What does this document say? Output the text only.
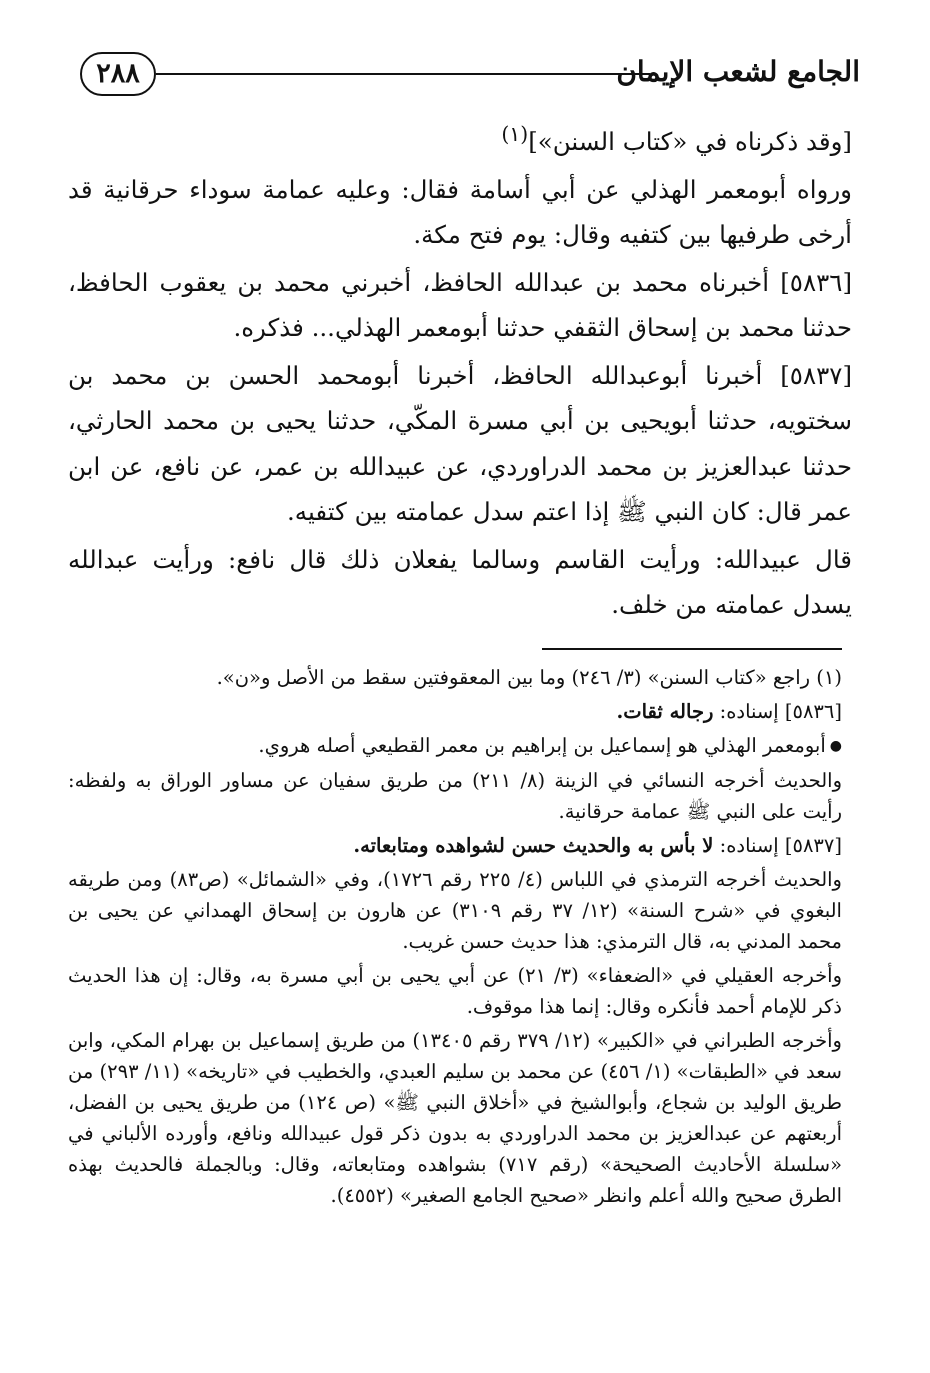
٢٨٨	الجامع لشعب الإيمان

[وقد ذكرناه في «كتاب السنن»]$^{(١)}$

ورواه أبومعمر الهذلي عن أبي أسامة فقال: وعليه عمامة سوداء حرقانية قد أرخى طرفيها بين كتفيه وقال: يوم فتح مكة.

[٥٨٣٦] أخبرناه محمد بن عبدالله الحافظ، أخبرني محمد بن يعقوب الحافظ، حدثنا محمد بن إسحاق الثقفي حدثنا أبومعمر الهذلي... فذكره.

[٥٨٣٧] أخبرنا أبوعبدالله الحافظ، أخبرنا أبومحمد الحسن بن محمد بن سختويه، حدثنا أبويحيى بن أبي مسرة المكّي، حدثنا يحيى بن محمد الحارثي، حدثنا عبدالعزيز بن محمد الدراوردي، عن عبيدالله بن عمر، عن نافع، عن ابن عمر قال: كان النبي ﷺ إذا اعتم سدل عمامته بين كتفيه.

قال عبيدالله: ورأيت القاسم وسالما يفعلان ذلك قال نافع: ورأيت عبدالله يسدل عمامته من خلف.

(١) راجع «كتاب السنن» (٣/ ٢٤٦) وما بين المعقوفتين سقط من الأصل و«ن».

[٥٨٣٦] إسناده: رجاله ثقات.

●أبومعمر الهذلي هو إسماعيل بن إبراهيم بن معمر القطيعي أصله هروي.

والحديث أخرجه النسائي في الزينة (٨/ ٢١١) من طريق سفيان عن مساور الوراق به ولفظه: رأيت على النبي ﷺ عمامة حرقانية.

[٥٨٣٧] إسناده: لا بأس به والحديث حسن لشواهده ومتابعاته.

والحديث أخرجه الترمذي في اللباس (٤/ ٢٢٥ رقم ١٧٢٦)، وفي «الشمائل» (ص٨٣) ومن طريقه البغوي في «شرح السنة» (١٢/ ٣٧ رقم ٣١٠٩) عن هارون بن إسحاق الهمداني عن يحيى بن محمد المدني به، قال الترمذي: هذا حديث حسن غريب.

وأخرجه العقيلي في «الضعفاء» (٣/ ٢١) عن أبي يحيى بن أبي مسرة به، وقال: إن هذا الحديث ذكر للإمام أحمد فأنكره وقال: إنما هذا موقوف.

وأخرجه الطبراني في «الكبير» (١٢/ ٣٧٩ رقم ١٣٤٠٥) من طريق إسماعيل بن بهرام المكي، وابن سعد في «الطبقات» (١/ ٤٥٦) عن محمد بن سليم العبدي، والخطيب في «تاريخه» (١١/ ٢٩٣) من طريق الوليد بن شجاع، وأبوالشيخ في «أخلاق النبي ﷺ» (ص ١٢٤) من طريق يحيى بن الفضل، أربعتهم عن عبدالعزيز بن محمد الدراوردي به بدون ذكر قول عبيدالله ونافع، وأورده الألباني في «سلسلة الأحاديث الصحيحة» (رقم ٧١٧) بشواهده ومتابعاته، وقال: وبالجملة فالحديث بهذه الطرق صحيح والله أعلم وانظر «صحيح الجامع الصغير» (٤٥٥٢).
